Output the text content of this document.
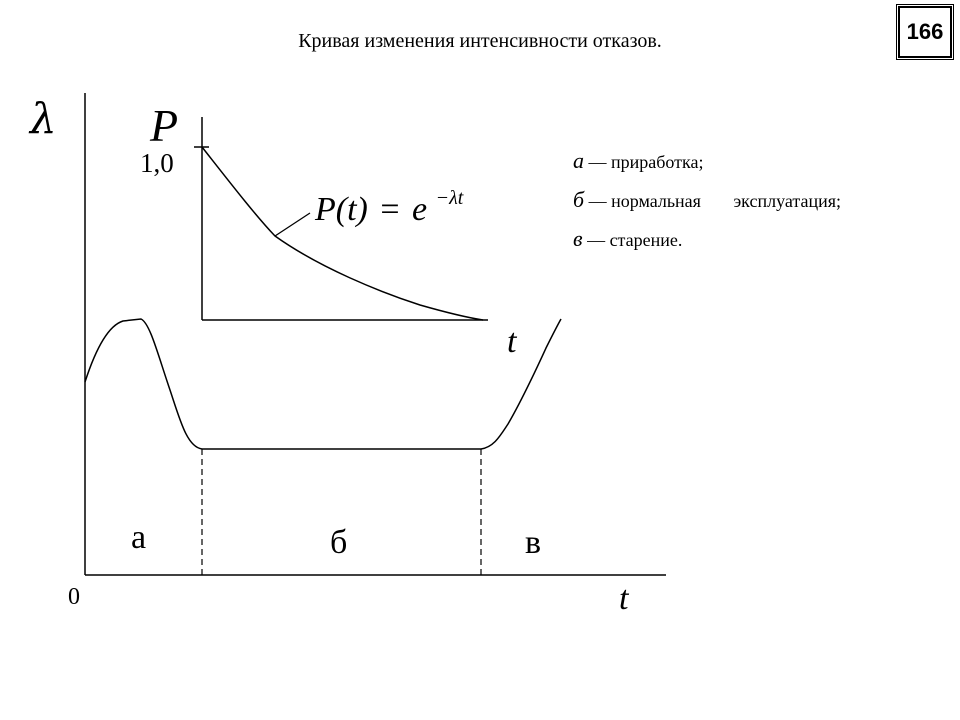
Кривая изменения интенсивности отказов.	166
λ
0	t
а	б	в
P
1,0
t
P(t) = e $^{-\lambda t}$
а — приработка;
б — нормальная эксплуатация;
в — старение.
